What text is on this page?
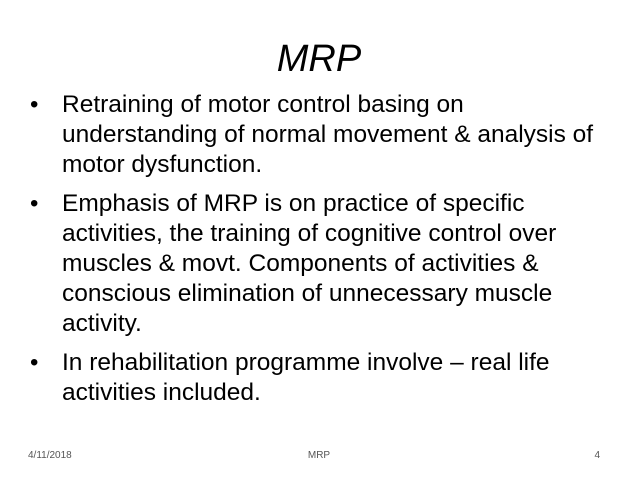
MRP
• Retraining of motor control basing on understanding of normal movement & analysis of motor dysfunction.
• Emphasis of MRP is on practice of specific activities, the training of cognitive control over muscles & movt. Components of activities & conscious elimination of unnecessary muscle activity.
• In rehabilitation programme involve – real life activities included.
4/11/2018	MRP	4
